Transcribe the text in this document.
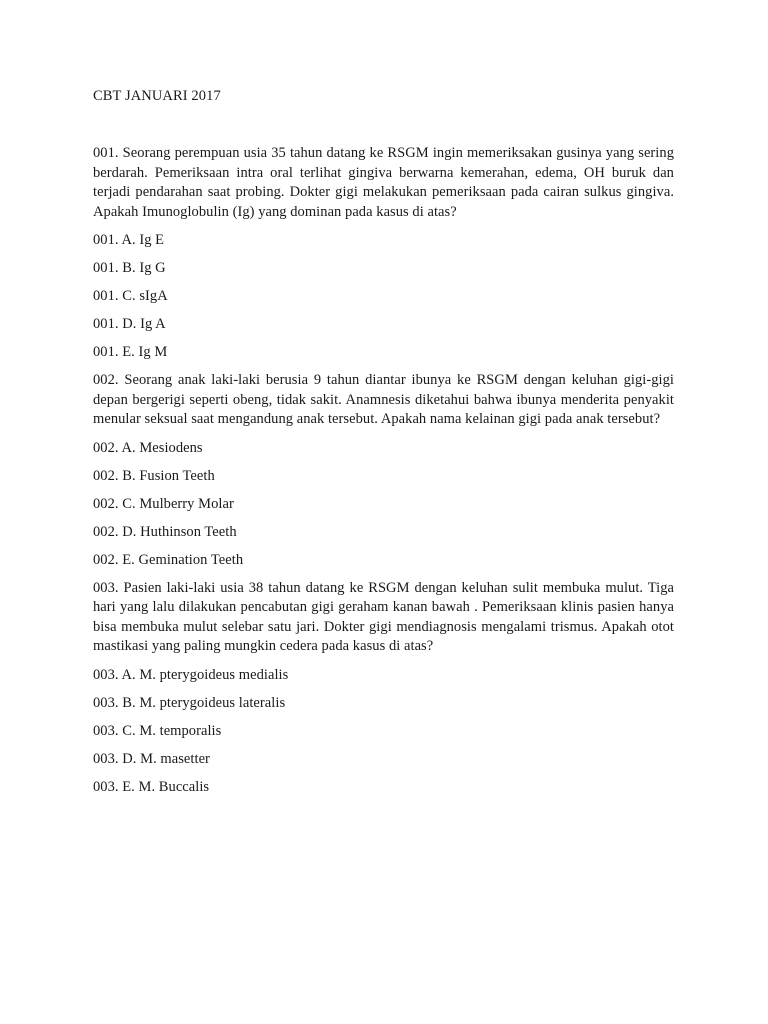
CBT JANUARI 2017

001. Seorang perempuan usia 35 tahun datang ke RSGM ingin memeriksakan gusinya yang sering berdarah. Pemeriksaan intra oral terlihat gingiva berwarna kemerahan, edema, OH buruk dan terjadi pendarahan saat probing. Dokter gigi melakukan pemeriksaan pada cairan sulkus gingiva. Apakah Imunoglobulin (Ig) yang dominan pada kasus di atas?

001. A. Ig E

001. B. Ig G

001. C. sIgA

001. D. Ig A

001. E. Ig M

002. Seorang anak laki-laki berusia 9 tahun diantar ibunya ke RSGM dengan keluhan gigi-gigi depan bergerigi seperti obeng, tidak sakit. Anamnesis diketahui bahwa ibunya menderita penyakit menular seksual saat mengandung anak tersebut. Apakah nama kelainan gigi pada anak tersebut?

002. A. Mesiodens

002. B. Fusion Teeth

002. C. Mulberry Molar

002. D. Huthinson Teeth

002. E. Gemination Teeth

003. Pasien laki-laki usia 38 tahun datang ke RSGM dengan keluhan sulit membuka mulut. Tiga hari yang lalu dilakukan pencabutan gigi geraham kanan bawah . Pemeriksaan klinis pasien hanya bisa membuka mulut selebar satu jari. Dokter gigi mendiagnosis mengalami trismus. Apakah otot mastikasi yang paling mungkin cedera pada kasus di atas?

003. A. M. pterygoideus medialis

003. B. M. pterygoideus lateralis

003. C. M. temporalis

003. D. M. masetter

003. E. M. Buccalis
